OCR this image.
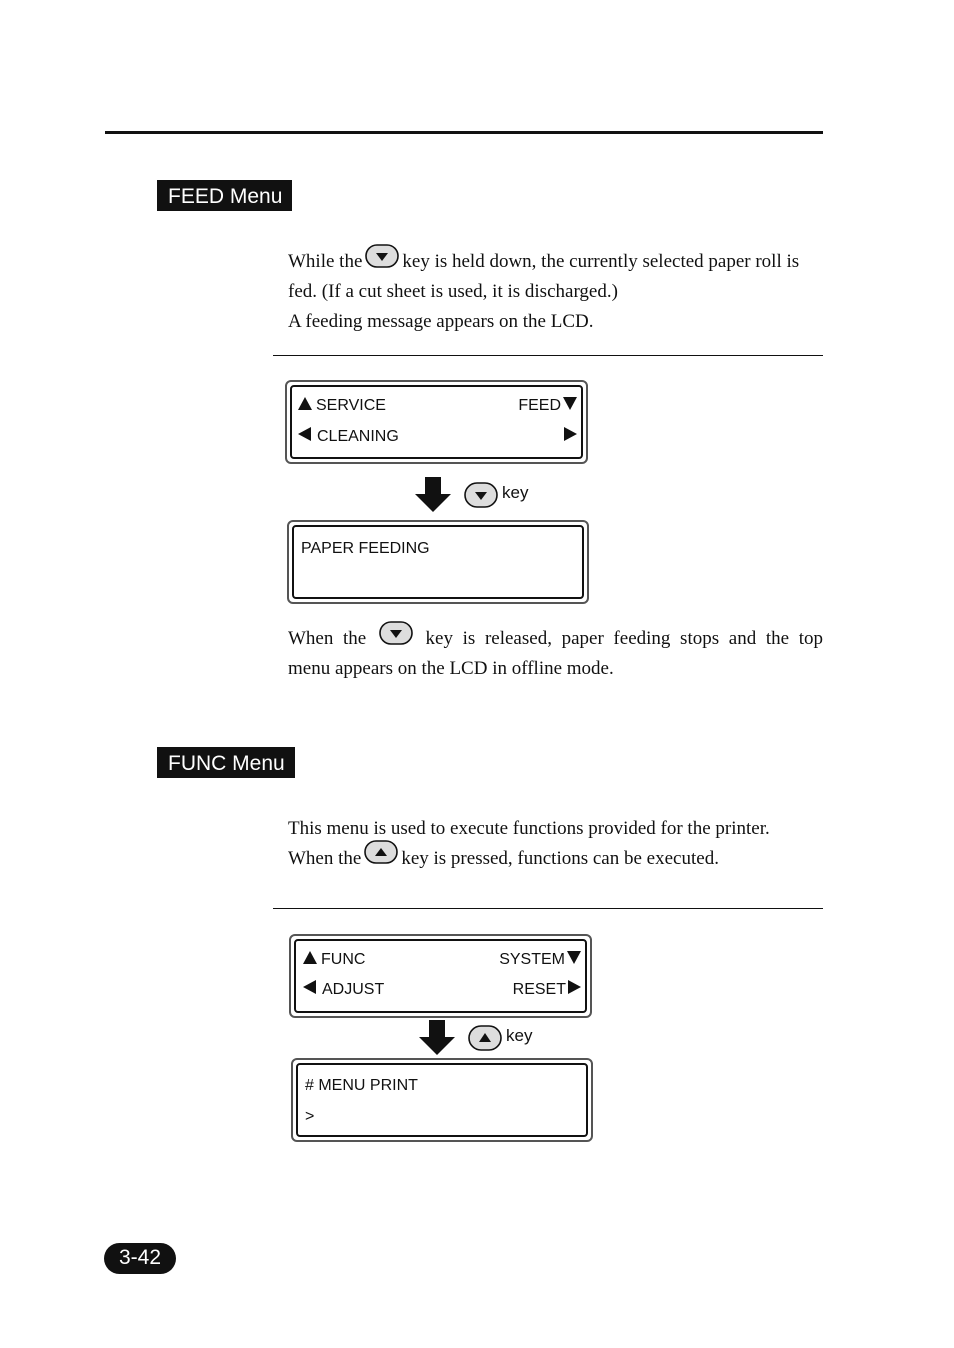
FEED Menu
While the key is held down, the currently selected paper roll is
fed. (If a cut sheet is used, it is discharged.)
A feeding message appears on the LCD.
SERVICE	FEED
CLEANING
key
PAPER FEEDING
When the	key is released, paper feeding stops and the top
menu appears on the LCD in offline mode.
FUNC Menu
This menu is used to execute functions provided for the printer.
When the key is pressed, functions can be executed.
FUNC	SYSTEM
ADJUST	RESET
key
# MENU PRINT
>
3-42
